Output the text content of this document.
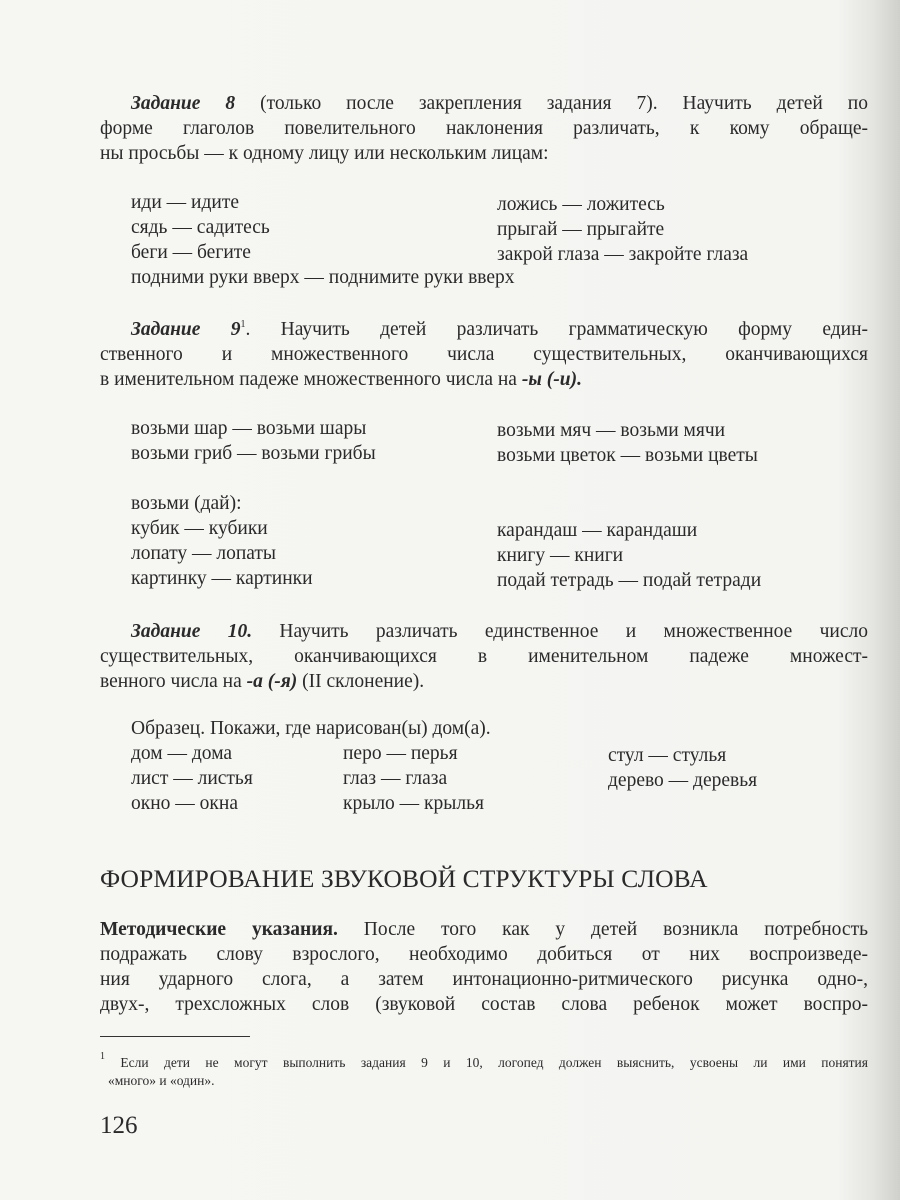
Задание 8 (только после закрепления задания 7). Научить детей по
форме глаголов повелительного наклонения различать, к кому обраще-
ны просьбы — к одному лицу или нескольким лицам:
иди — идите
сядь — садитесь
беги — бегите
подними руки вверх — поднимите руки вверх
ложись — ложитесь
прыгай — прыгайте
закрой глаза — закройте глаза
Задание $9^1$. Научить детей различать грамматическую форму един-
ственного и множественного числа существительных, оканчивающихся
в именительном падеже множественного числа на -ы (-и).
возьми шар — возьми шары
возьми гриб — возьми грибы
возьми (дай):
кубик — кубики
лопату — лопаты
картинку — картинки
возьми мяч — возьми мячи
возьми цветок — возьми цветы
карандаш — карандаши
книгу — книги
подай тетрадь — подай тетради
Задание 10. Научить различать единственное и множественное число
существительных, оканчивающихся в именительном падеже множест-
венного числа на -а (-я) (II склонение).
Образец. Покажи, где нарисован(ы) дом(а).
дом — дома
лист — листья
окно — окна
перо — перья
глаз — глаза
крыло — крылья
стул — стулья
дерево — деревья
ФОРМИРОВАНИЕ ЗВУКОВОЙ СТРУКТУРЫ СЛОВА
Методические указания. После того как у детей возникла потребность
подражать слову взрослого, необходимо добиться от них воспроизведе-
ния ударного слога, а затем интонационно-ритмического рисунка одно-,
двух-, трехсложных слов (звуковой состав слова ребенок может воспро-
$^1$ Если дети не могут выполнить задания 9 и 10, логопед должен выяснить, усвоены ли ими понятия
«много» и «один».
126
